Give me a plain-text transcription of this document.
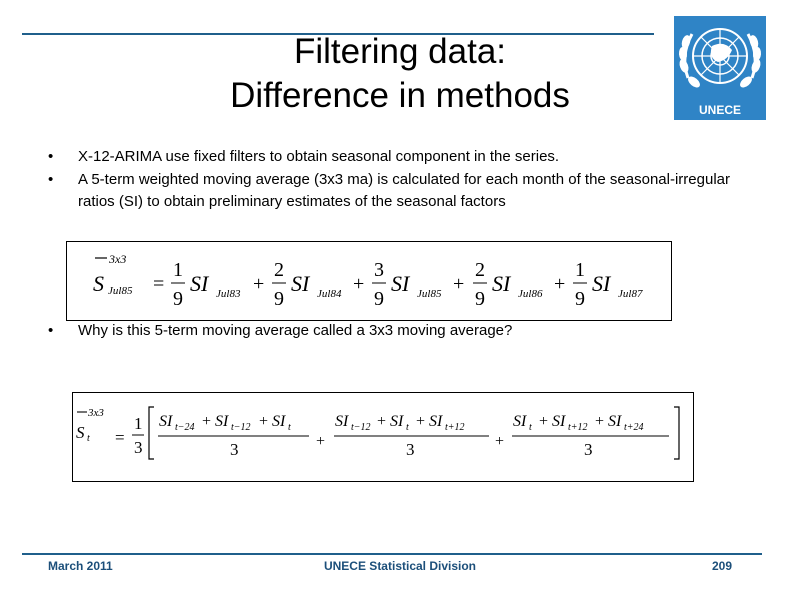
Filtering data:
Difference in methods	UNECE
• X-12-ARIMA use fixed filters to obtain seasonal component in the series.
• A 5-term weighted moving average (3x3 ma) is calculated for each month of the seasonal-irregular ratios (SI) to obtain preliminary estimates of the seasonal factors
3x3
S Jul85 =
1
9
SI Jul83 +
2
9
SI Jul84 +
3
9
SI Jul85 +
2
9
SI Jul86 +
1
9
SI Jul87
• Why is this 5-term moving average called a 3x3 moving average?
3x3
S t =
1
3
SI t−24 + SI t−12 + SI t
3	+
SI t−12 + SI t + SI t+12
3	+
SI t + SI t+12 + SI t+24
3
March 2011	UNECE Statistical Division	209
